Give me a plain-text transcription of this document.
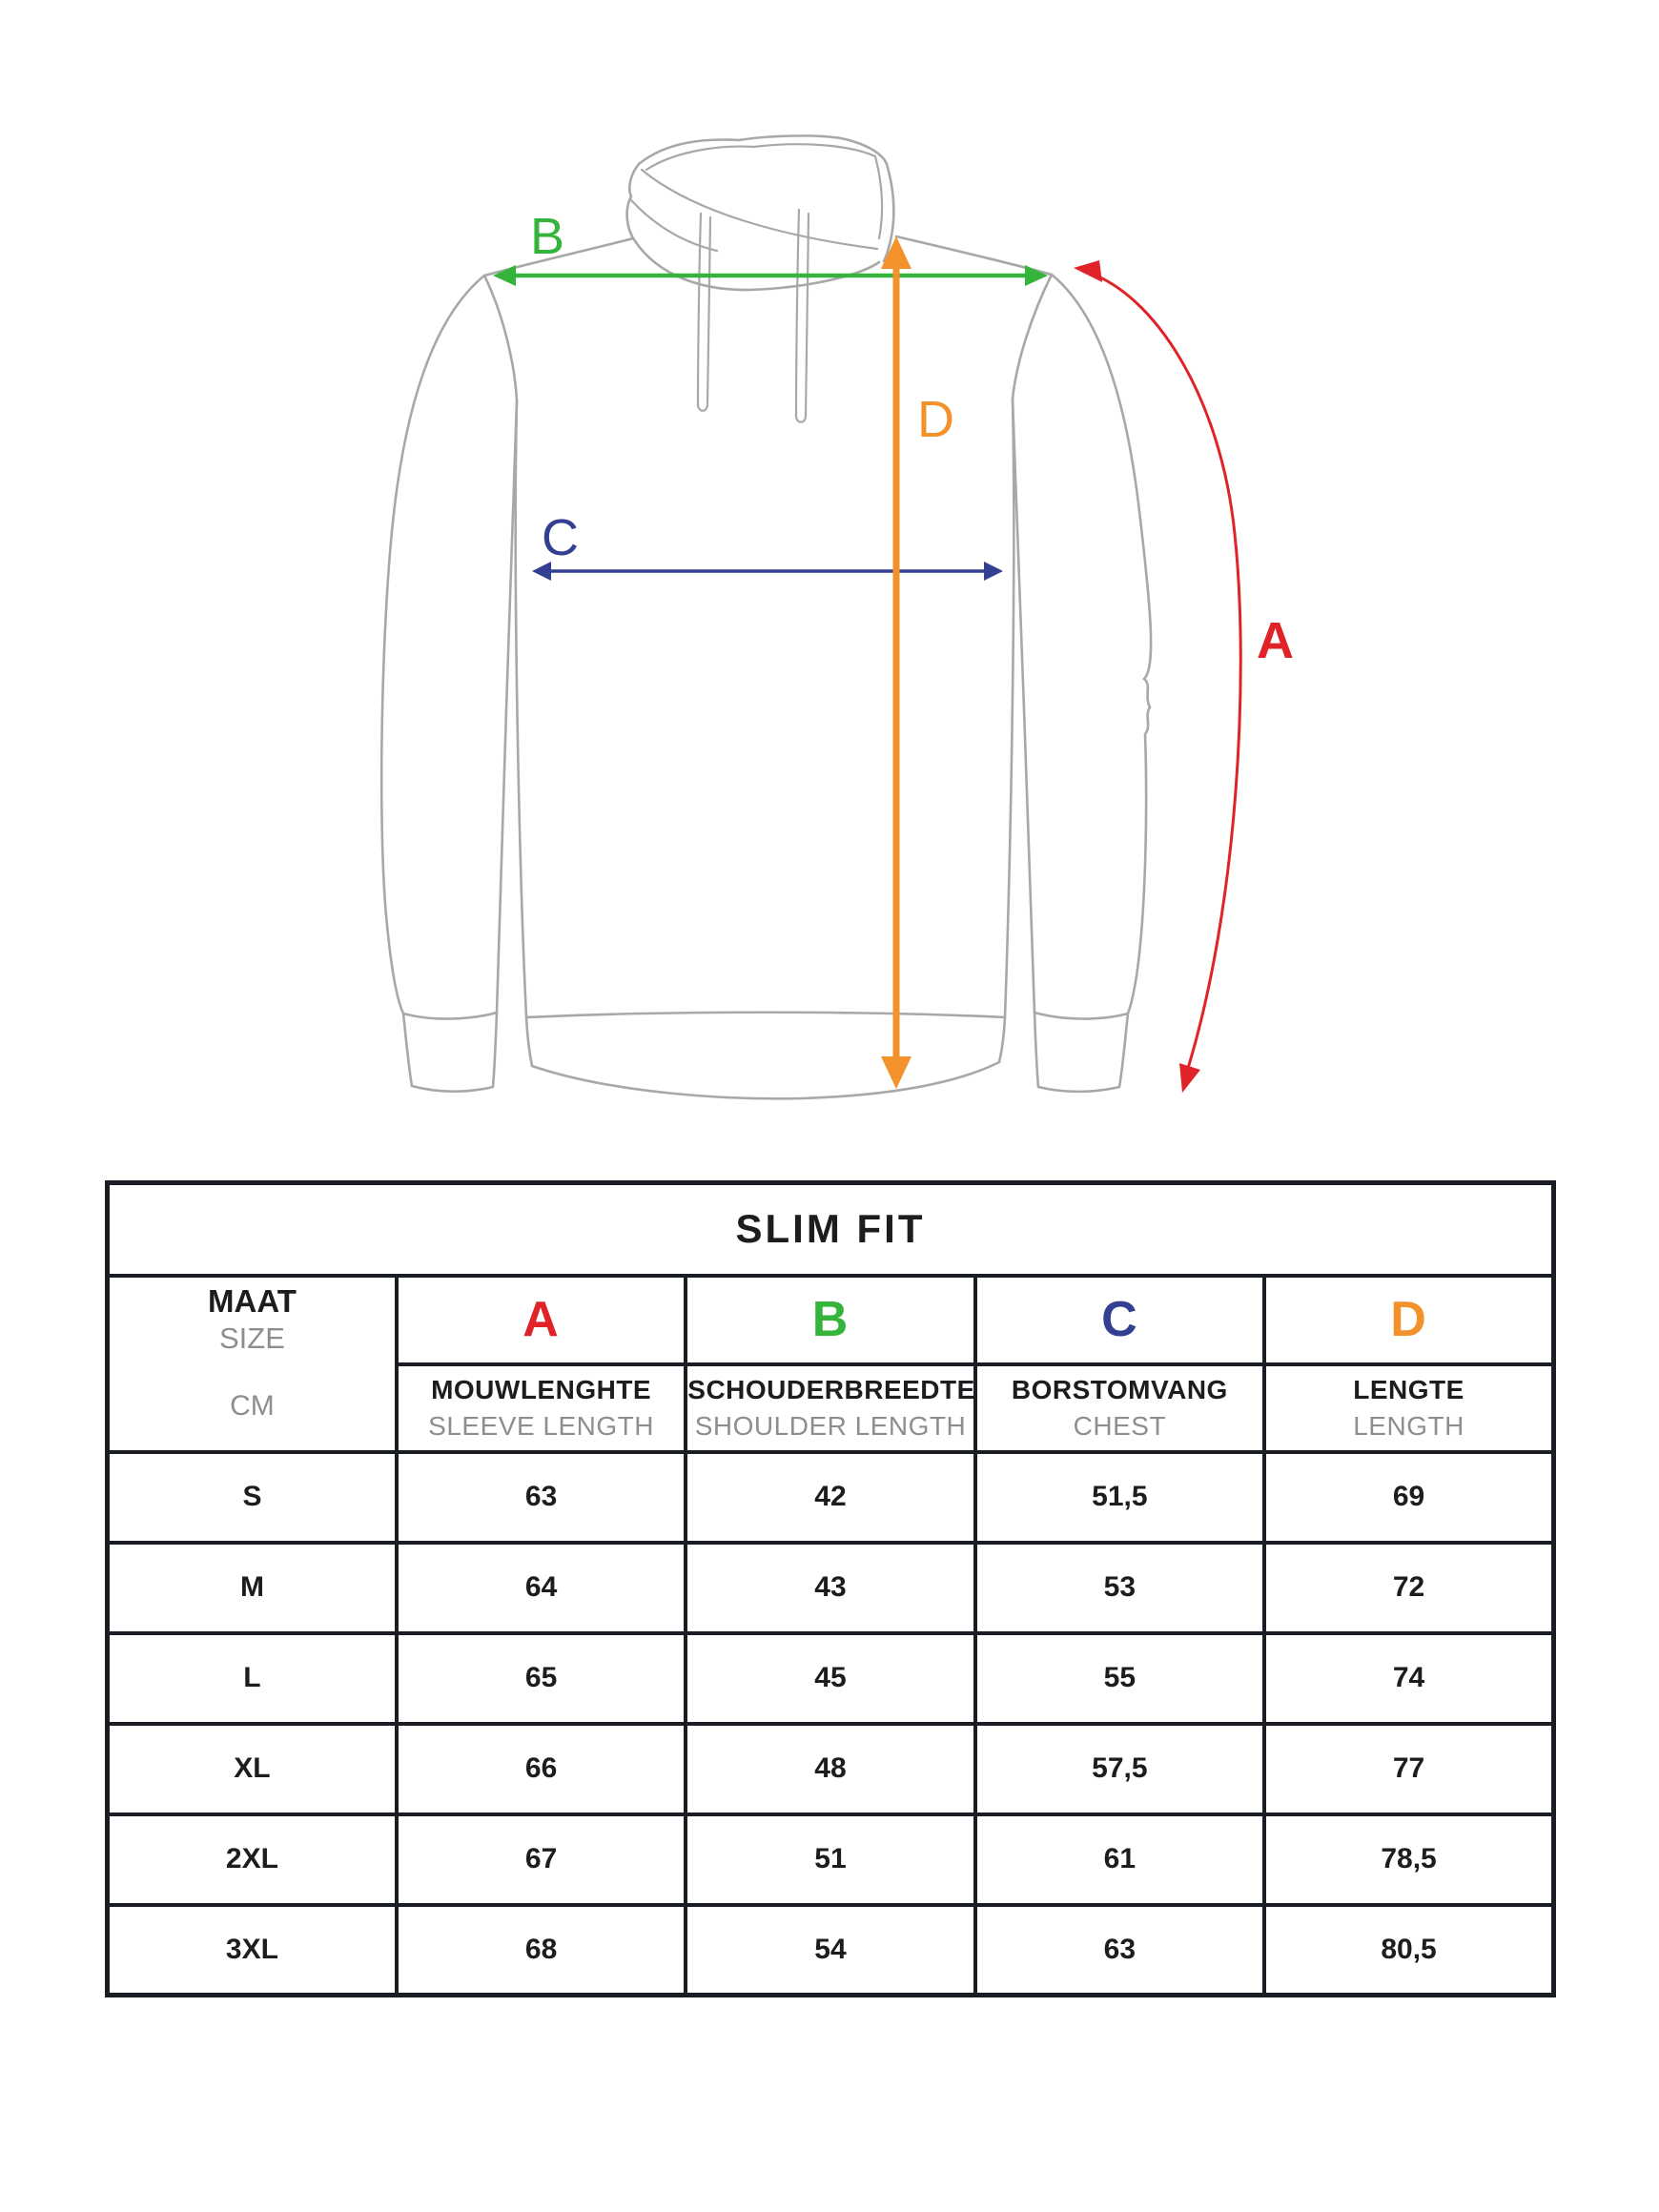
B
C
D
A
SLIM FIT				

MAAT
SIZE
CM	A	B	C	D

MOUWLENGHTE
SLEEVE LENGTH

SCHOUDERBREEDTE
SHOULDER LENGTH

BORSTOMVANG
CHEST

LENGTE
LENGTH

S	63	42	51,5	69
M	64	43	53	72
L	65	45	55	74
XL	66	48	57,5	77
2XL	67	51	61	78,5
3XL	68	54	63	80,5
